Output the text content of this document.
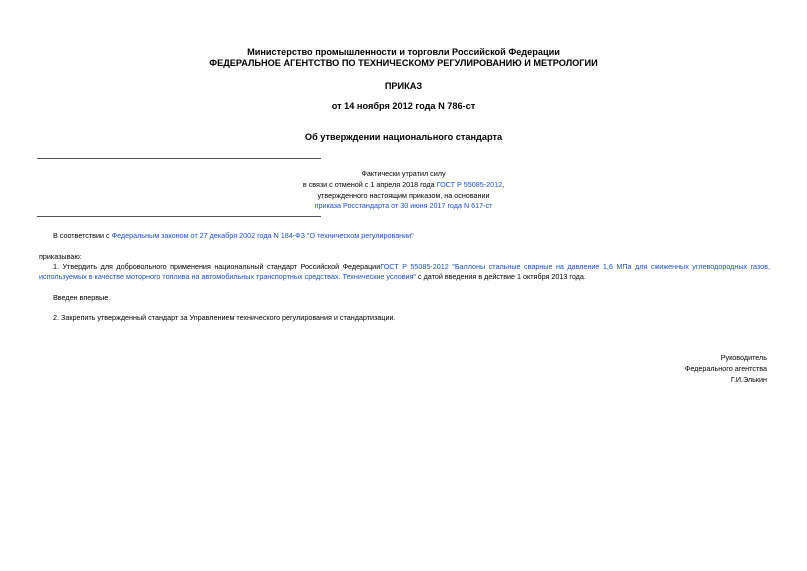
Министерство промышленности и торговли Российской Федерации
ФЕДЕРАЛЬНОЕ АГЕНТСТВО ПО ТЕХНИЧЕСКОМУ РЕГУЛИРОВАНИЮ И МЕТРОЛОГИИ
ПРИКАЗ
от 14 ноября 2012 года N 786-ст
Об утверждении национального стандарта
Фактически утратил силу
в связи с отменой с 1 апреля 2018 года ГОСТ Р 55085-2012,
утвержденного настоящим приказом, на основании
приказа Росстандарта от 30 июня 2017 года N 617-ст
В соответствии с Федеральным законом от 27 декабря 2002 года N 184-ФЗ "О техническом регулировании"
приказываю:
1. Утвердить для добровольного применения национальный стандарт Российской ФедерацииГОСТ Р 55085-2012 "Баллоны стальные сварные на давление 1,6 МПа для сжиженных углеводородных газов, используемых в качестве моторного топлива на автомобильных транспортных средствах. Технические условия" с датой введения в действие 1 октября 2013 года.
Введен впервые.
2. Закрепить утвержденный стандарт за Управлением технического регулирования и стандартизации.
Руководитель
Федерального агентства
Г.И.Элькин
